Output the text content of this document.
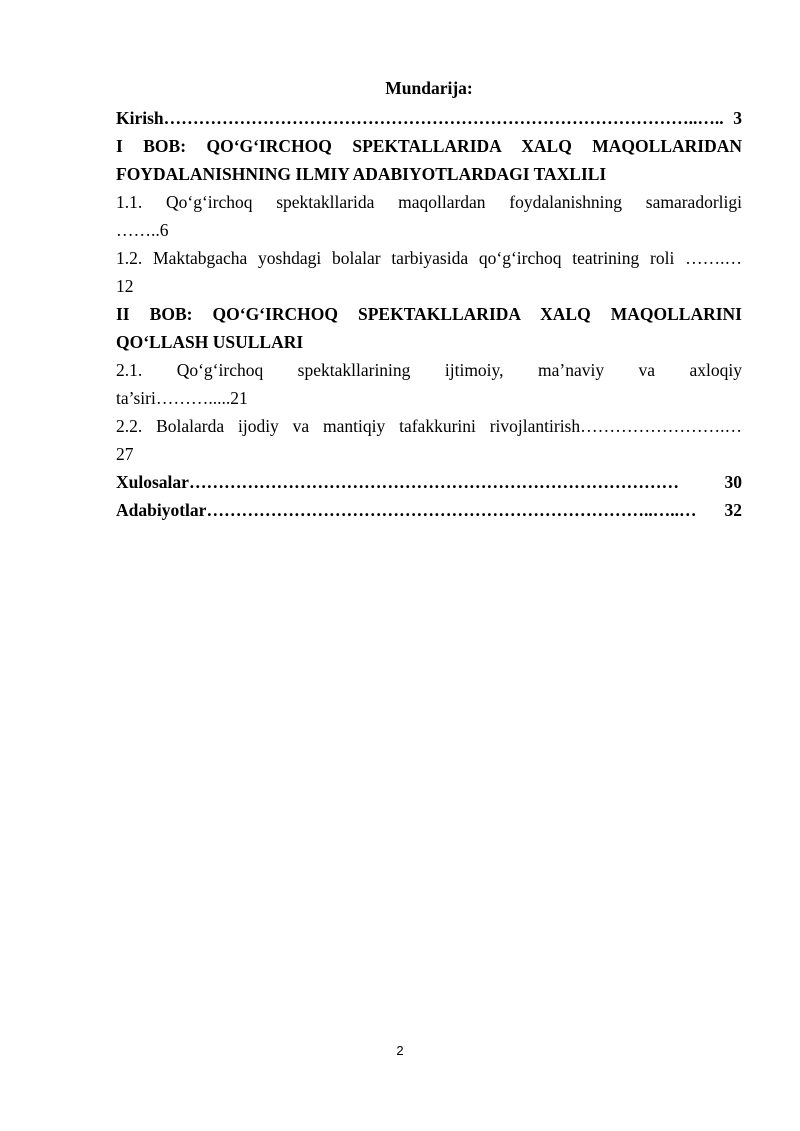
Mundarija:
Kirish ………………………………………………………………………………..….. 3
I BOB: QO‘G‘IRCHOQ SPEKTALLARIDA XALQ MAQOLLARIDAN
FOYDALANISHNING ILMIY ADABIYOTLARDAGI TAXLILI
1.1. Qo‘g‘irchoq spektakllarida maqollardan foydalanishning samaradorligi
……..6
1.2. Maktabgacha yoshdagi bolalar tarbiyasida qo‘g‘irchoq teatrining roli …….…
12
II BOB: QO‘G‘IRCHOQ SPEKTAKLLARIDA XALQ MAQOLLARINI
QO‘LLASH USULLARI
2.1. Qo‘g‘irchoq spektakllarining ijtimoiy, ma’naviy va axloqiy
ta’siri……….....21
2.2. Bolalarda ijodiy va mantiqiy tafakkurini rivojlantirish…………………….…
27
Xulosalar …………………………………………………………………………	30
Adabiyotlar …………………………………………………………………..…..…	32
2
